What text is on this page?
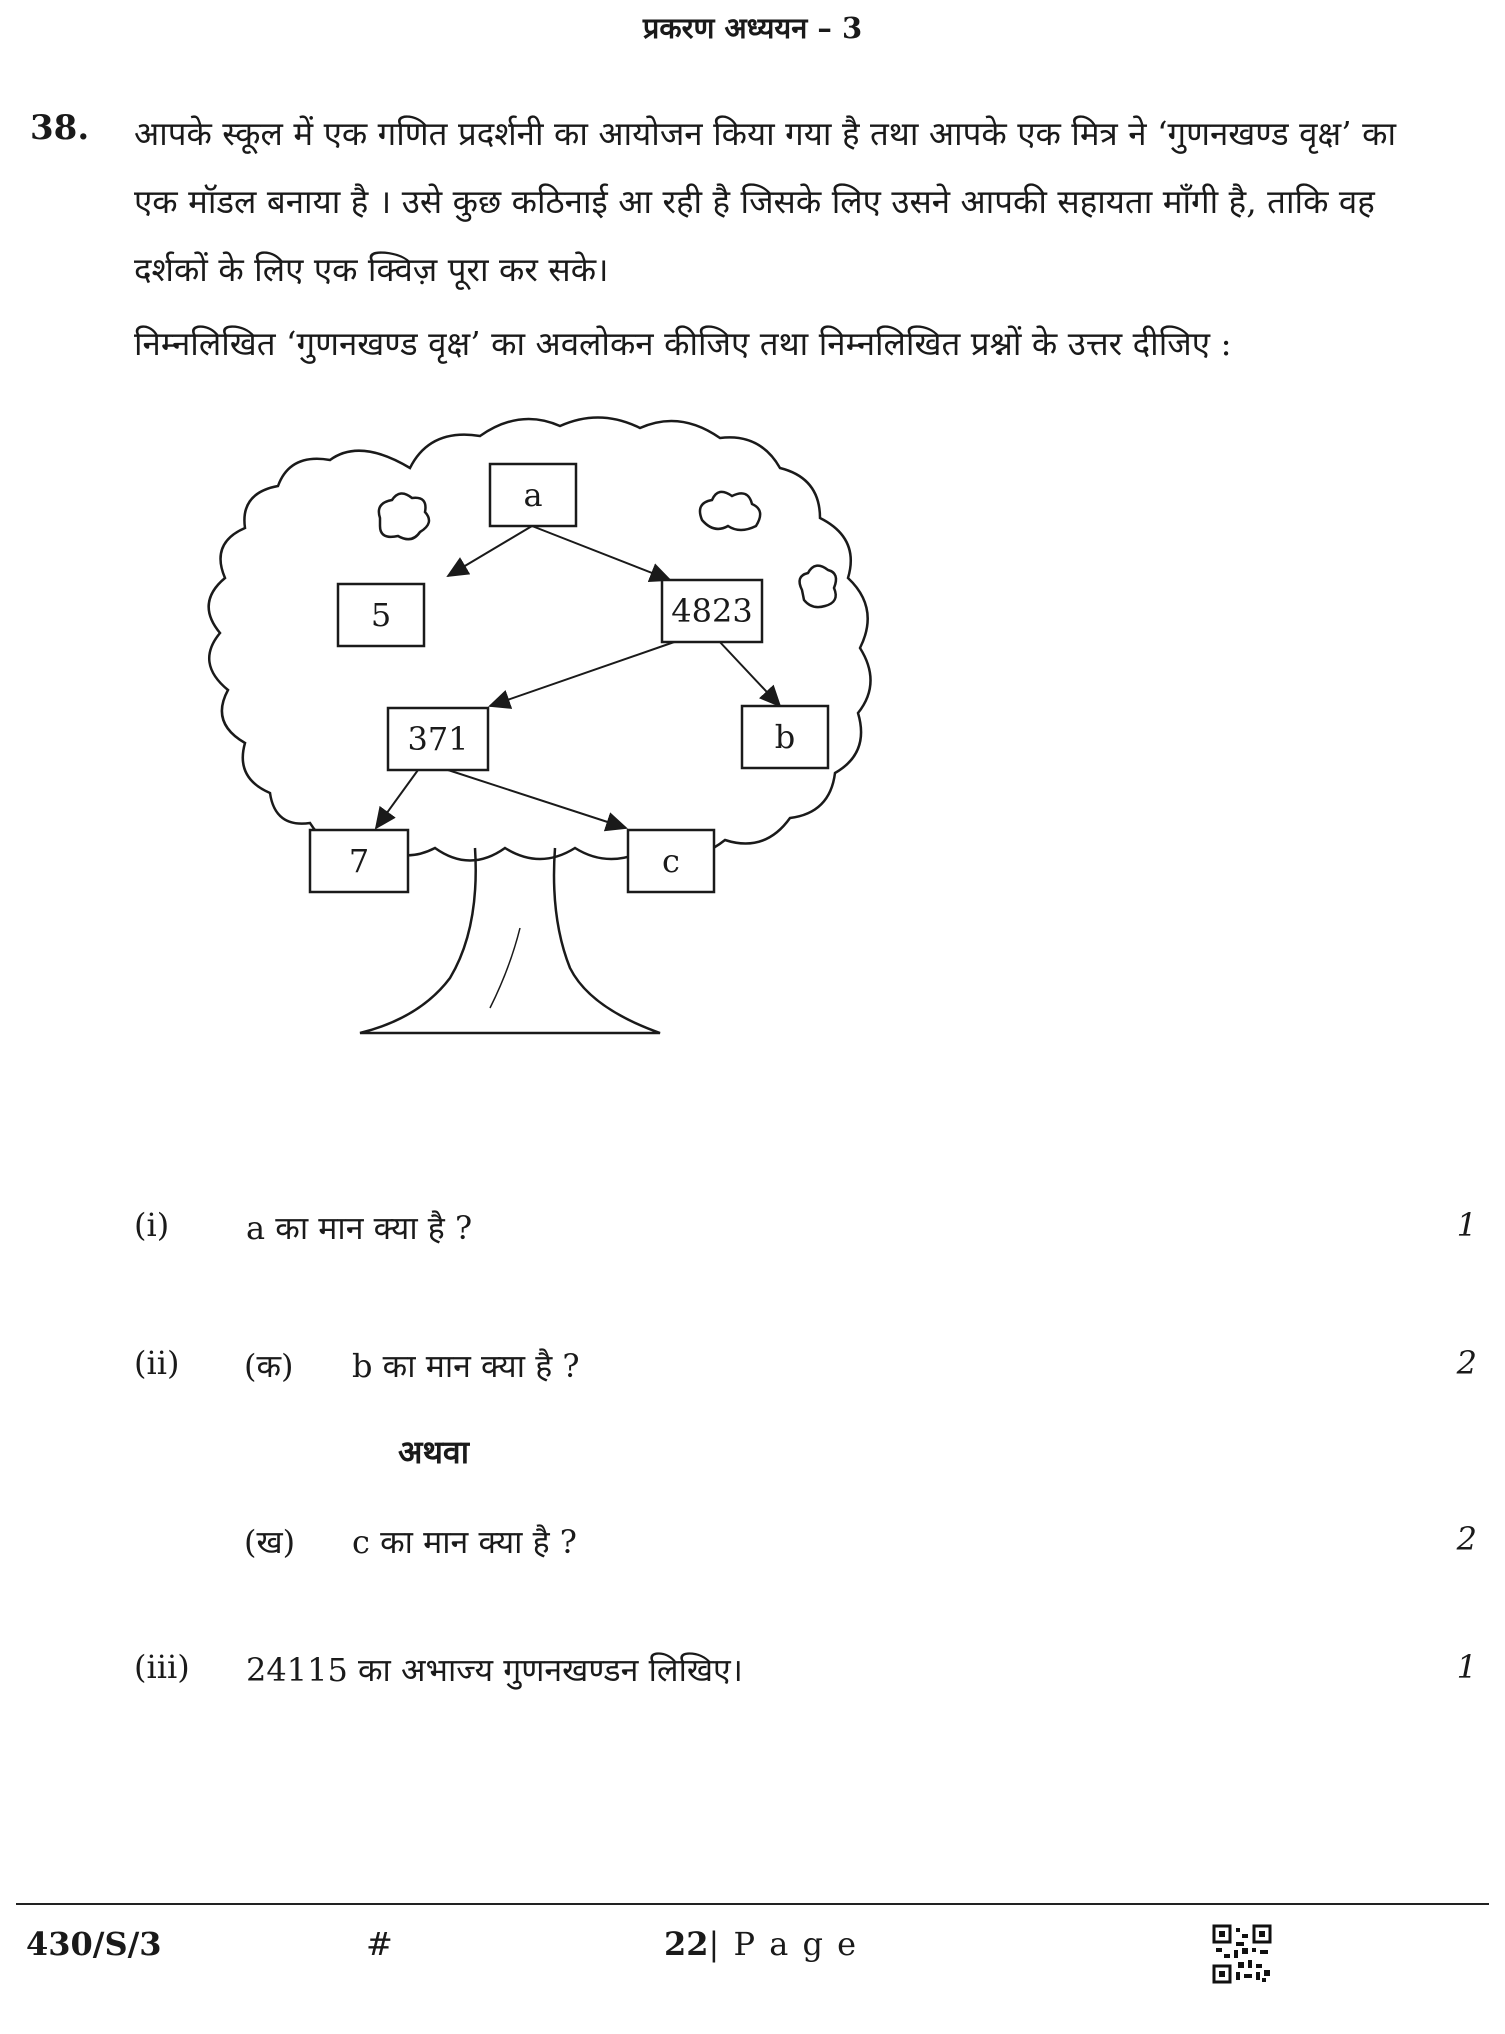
प्रकरण अध्ययन – 3
38. आपके स्कूल में एक गणित प्रदर्शनी का आयोजन किया गया है तथा आपके एक मित्र ने ‘गुणनखण्ड वृक्ष’ का एक मॉडल बनाया है । उसे कुछ कठिनाई आ रही है जिसके लिए उसने आपकी सहायता माँगी है, ताकि वह दर्शकों के लिए एक क्विज़ पूरा कर सके।
निम्नलिखित ‘गुणनखण्ड वृक्ष’ का अवलोकन कीजिए तथा निम्नलिखित प्रश्नों के उत्तर दीजिए :
a
5	4823
371	b
7	c
(i) a का मान क्या है ?	1
(ii) (क) b का मान क्या है ?	2
अथवा
(ख) c का मान क्या है ?	2
(iii) 24115 का अभाज्य गुणनखण्डन लिखिए।	1
430/S/3	#	22| P a g e
